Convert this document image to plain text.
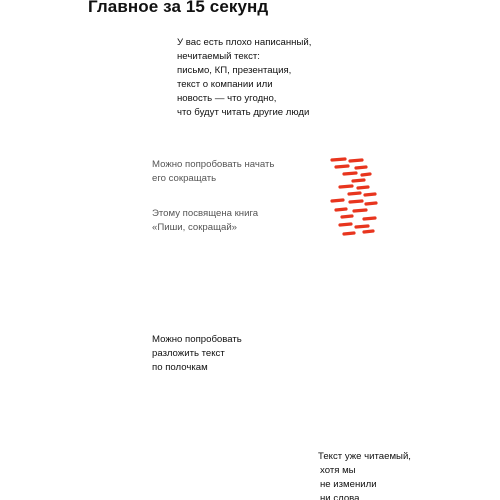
Главное за 15 секунд
У вас есть плохо написанный,
нечитаемый текст:
письмо, КП, презентация,
текст о компании или
новость — что угодно,
что будут читать другие люди
Можно попробовать начать
его сокращать
Этому посвящена книга
«Пиши, сокращай»
Можно попробовать
разложить текст
по полочкам
Текст уже читаемый,
хотя мы
не изменили
ни слова
